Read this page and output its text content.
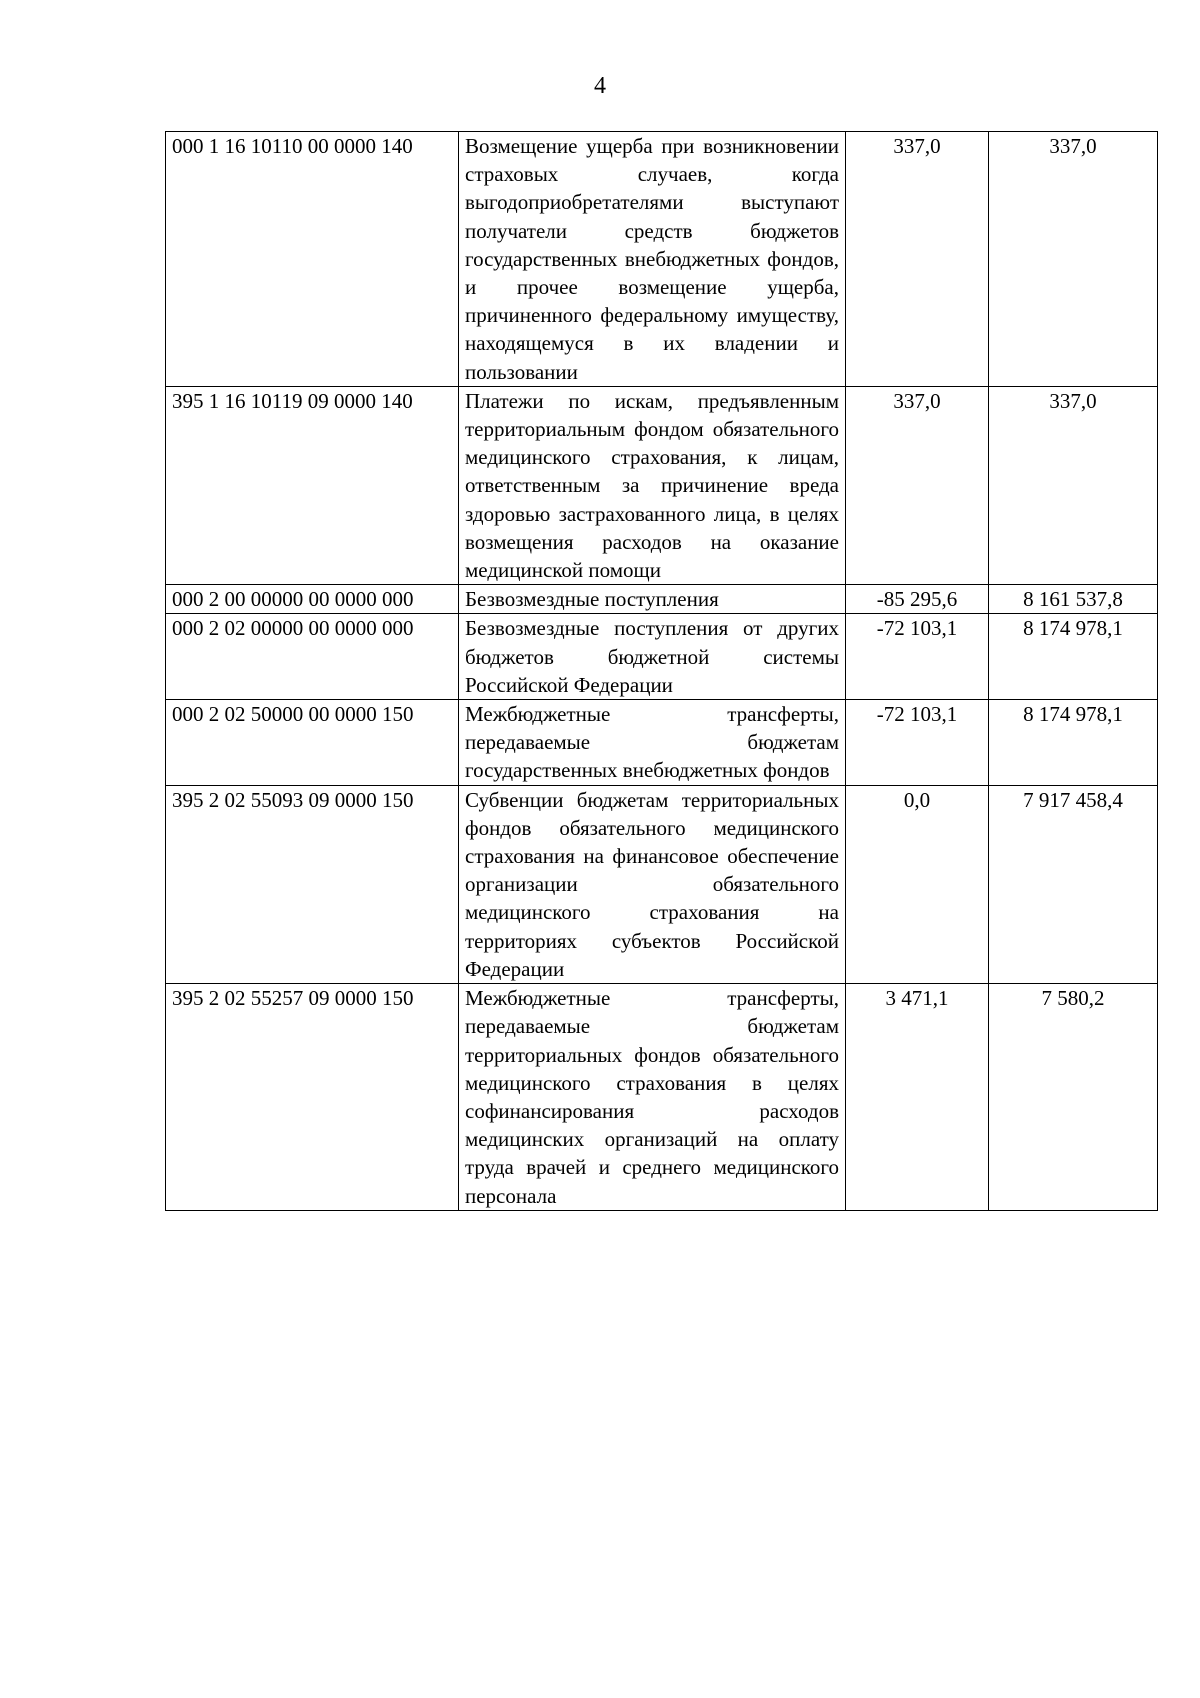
4
000 1 16 10110 00 0000 140	Возмещение ущерба при возникновении страховых случаев, когда выгодоприобретателями выступают получатели средств бюджетов государственных внебюджетных фондов, и прочее возмещение ущерба, причиненного федеральному имуществу, находящемуся в их владении и пользовании	337,0	337,0
395 1 16 10119 09 0000 140	Платежи по искам, предъявленным территориальным фондом обязательного медицинского страхования, к лицам, ответственным за причинение вреда здоровью застрахованного лица, в целях возмещения расходов на оказание медицинской помощи	337,0	337,0
000 2 00 00000 00 0000 000	Безвозмездные поступления	-85 295,6	8 161 537,8
000 2 02 00000 00 0000 000	Безвозмездные поступления от других бюджетов бюджетной системы Российской Федерации	-72 103,1	8 174 978,1
000 2 02 50000 00 0000 150	Межбюджетные трансферты, передаваемые бюджетам государственных внебюджетных фондов	-72 103,1	8 174 978,1
395 2 02 55093 09 0000 150	Субвенции бюджетам территориальных фондов обязательного медицинского страхования на финансовое обеспечение организации обязательного медицинского страхования на территориях субъектов Российской Федерации	0,0	7 917 458,4
395 2 02 55257 09 0000 150	Межбюджетные трансферты, передаваемые бюджетам территориальных фондов обязательного медицинского страхования в целях софинансирования расходов медицинских организаций на оплату труда врачей и среднего медицинского персонала	3 471,1	7 580,2
